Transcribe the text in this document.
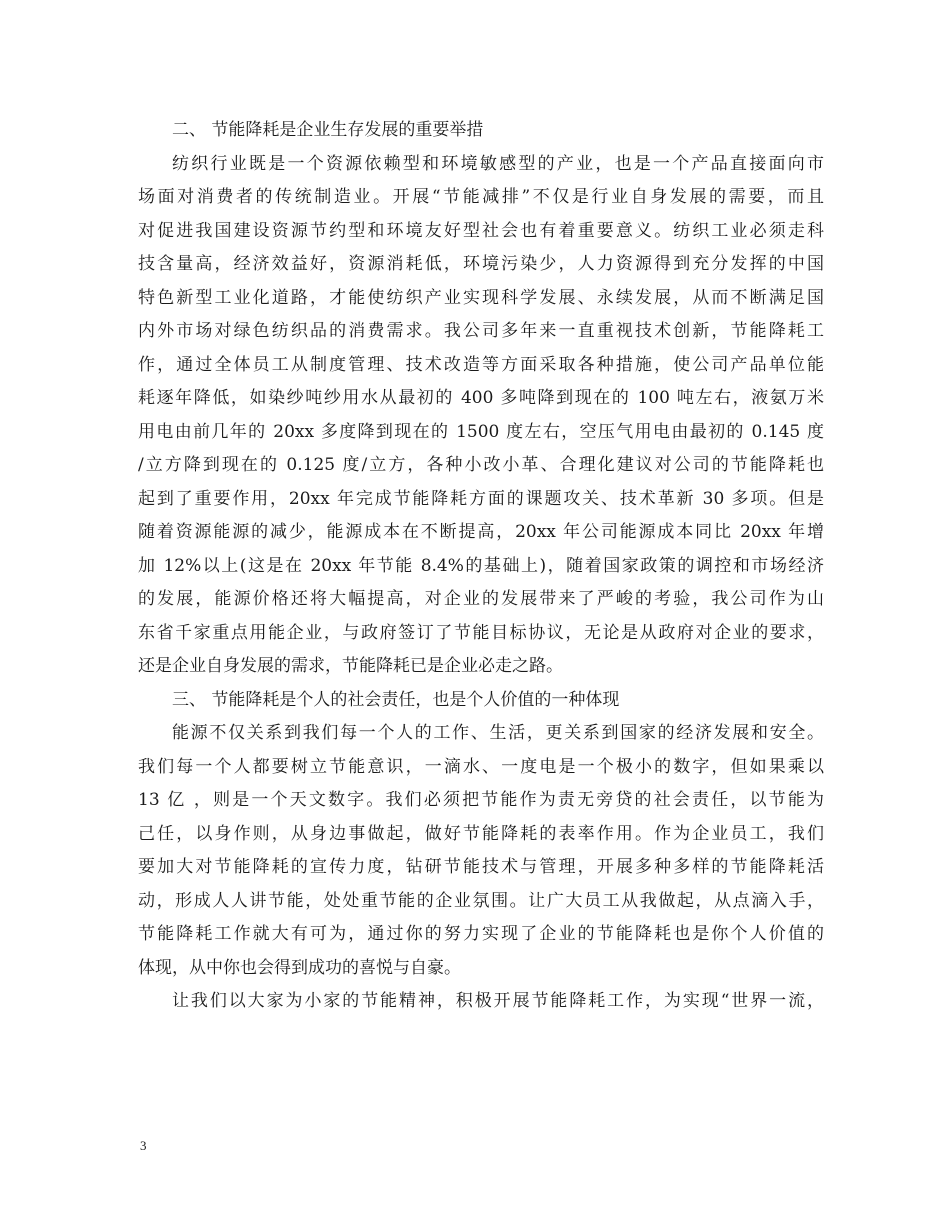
二、 节能降耗是企业生存发展的重要举措
纺织行业既是一个资源依赖型和环境敏感型的产业，也是一个产品直接面向市
场面对消费者的传统制造业。开展“节能减排”不仅是行业自身发展的需要，而且
对促进我国建设资源节约型和环境友好型社会也有着重要意义。纺织工业必须走科
技含量高，经济效益好，资源消耗低，环境污染少，人力资源得到充分发挥的中国
特色新型工业化道路，才能使纺织产业实现科学发展、永续发展，从而不断满足国
内外市场对绿色纺织品的消费需求。我公司多年来一直重视技术创新，节能降耗工
作，通过全体员工从制度管理、技术改造等方面采取各种措施，使公司产品单位能
耗逐年降低，如染纱吨纱用水从最初的 400 多吨降到现在的 100 吨左右，液氨万米
用电由前几年的 20xx 多度降到现在的 1500 度左右，空压气用电由最初的 0.145 度
/立方降到现在的 0.125 度/立方，各种小改小革、合理化建议对公司的节能降耗也
起到了重要作用，20xx 年完成节能降耗方面的课题攻关、技术革新 30 多项。但是
随着资源能源的减少，能源成本在不断提高，20xx 年公司能源成本同比 20xx 年增
加 12%以上(这是在 20xx 年节能 8.4%的基础上)，随着国家政策的调控和市场经济
的发展，能源价格还将大幅提高，对企业的发展带来了严峻的考验，我公司作为山
东省千家重点用能企业，与政府签订了节能目标协议，无论是从政府对企业的要求，
还是企业自身发展的需求，节能降耗已是企业必走之路。
三、 节能降耗是个人的社会责任，也是个人价值的一种体现
能源不仅关系到我们每一个人的工作、生活，更关系到国家的经济发展和安全。
我们每一个人都要树立节能意识，一滴水、一度电是一个极小的数字，但如果乘以
13 亿 ，则是一个天文数字。我们必须把节能作为责无旁贷的社会责任，以节能为
己任，以身作则，从身边事做起，做好节能降耗的表率作用。作为企业员工，我们
要加大对节能降耗的宣传力度，钻研节能技术与管理，开展多种多样的节能降耗活
动，形成人人讲节能，处处重节能的企业氛围。让广大员工从我做起，从点滴入手，
节能降耗工作就大有可为，通过你的努力实现了企业的节能降耗也是你个人价值的
体现，从中你也会得到成功的喜悦与自豪。
让我们以大家为小家的节能精神，积极开展节能降耗工作，为实现“世界一流，
3
